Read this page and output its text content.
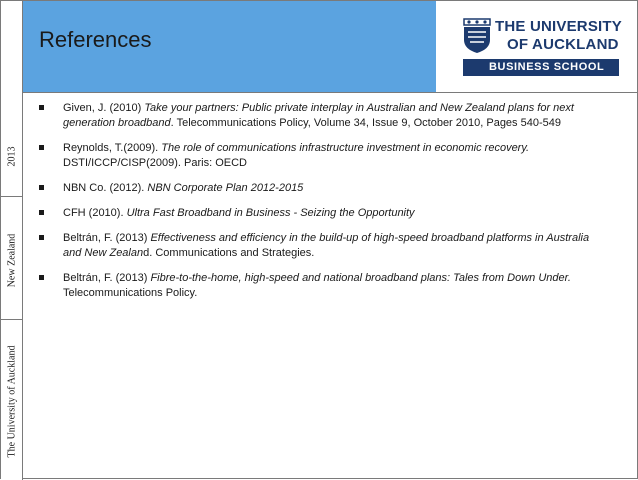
2013
New Zealand
The University of Auckland
References
THE UNIVERSITY
OF AUCKLAND
BUSINESS SCHOOL
Given, J. (2010) Take your partners: Public private interplay in Australian and New Zealand plans for next generation broadband. Telecommunications Policy, Volume 34, Issue 9, October 2010, Pages 540-549
Reynolds, T.(2009). The role of communications infrastructure investment in economic recovery. DSTI/ICCP/CISP(2009). Paris: OECD
NBN Co. (2012). NBN Corporate Plan 2012-2015
CFH (2010). Ultra Fast Broadband in Business - Seizing the Opportunity
Beltrán, F. (2013) Effectiveness and efficiency in the build-up of high-speed broadband platforms in Australia and New Zealand. Communications and Strategies.
Beltrán, F. (2013) Fibre-to-the-home, high-speed and national broadband plans: Tales from Down Under. Telecommunications Policy.
